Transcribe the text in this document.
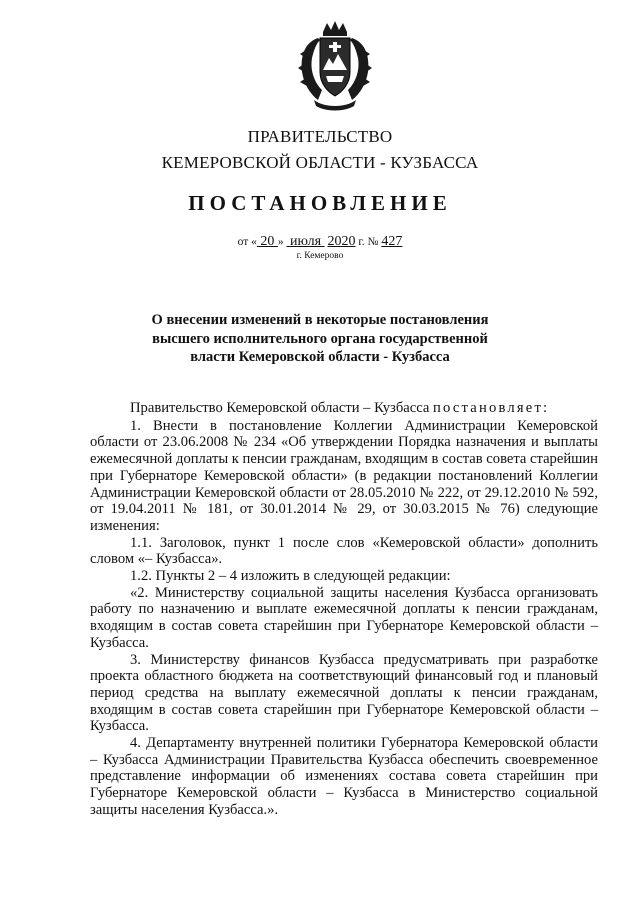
ПРАВИТЕЛЬСТВО
КЕМЕРОВСКОЙ ОБЛАСТИ - КУЗБАССА
ПОСТАНОВЛЕНИЕ
от « 20 » июля 2020 г. № 427
г. Кемерово
О внесении изменений в некоторые постановления
высшего исполнительного органа государственной
власти Кемеровской области - Кузбасса

Правительство Кемеровской области – Кузбасса постановляет:

1. Внести в постановление Коллегии Администрации Кемеровской области от 23.06.2008 № 234 «Об утверждении Порядка назначения и выплаты ежемесячной доплаты к пенсии гражданам, входящим в состав совета старейшин при Губернаторе Кемеровской области» (в редакции постановлений Коллегии Администрации Кемеровской области от 28.05.2010 № 222, от 29.12.2010 № 592, от 19.04.2011 № 181, от 30.01.2014 № 29, от 30.03.2015 № 76) следующие изменения:

1.1. Заголовок, пункт 1 после слов «Кемеровской области» дополнить словом «– Кузбасса».

1.2. Пункты 2 – 4 изложить в следующей редакции:

«2. Министерству социальной защиты населения Кузбасса организовать работу по назначению и выплате ежемесячной доплаты к пенсии гражданам, входящим в состав совета старейшин при Губернаторе Кемеровской области – Кузбасса.

3. Министерству финансов Кузбасса предусматривать при разработке проекта областного бюджета на соответствующий финансовый год и плановый период средства на выплату ежемесячной доплаты к пенсии гражданам, входящим в состав совета старейшин при Губернаторе Кемеровской области – Кузбасса.

4. Департаменту внутренней политики Губернатора Кемеровской области – Кузбасса Администрации Правительства Кузбасса обеспечить своевременное представление информации об изменениях состава совета старейшин при Губернаторе Кемеровской области – Кузбасса в Министерство социальной защиты населения Кузбасса.».
